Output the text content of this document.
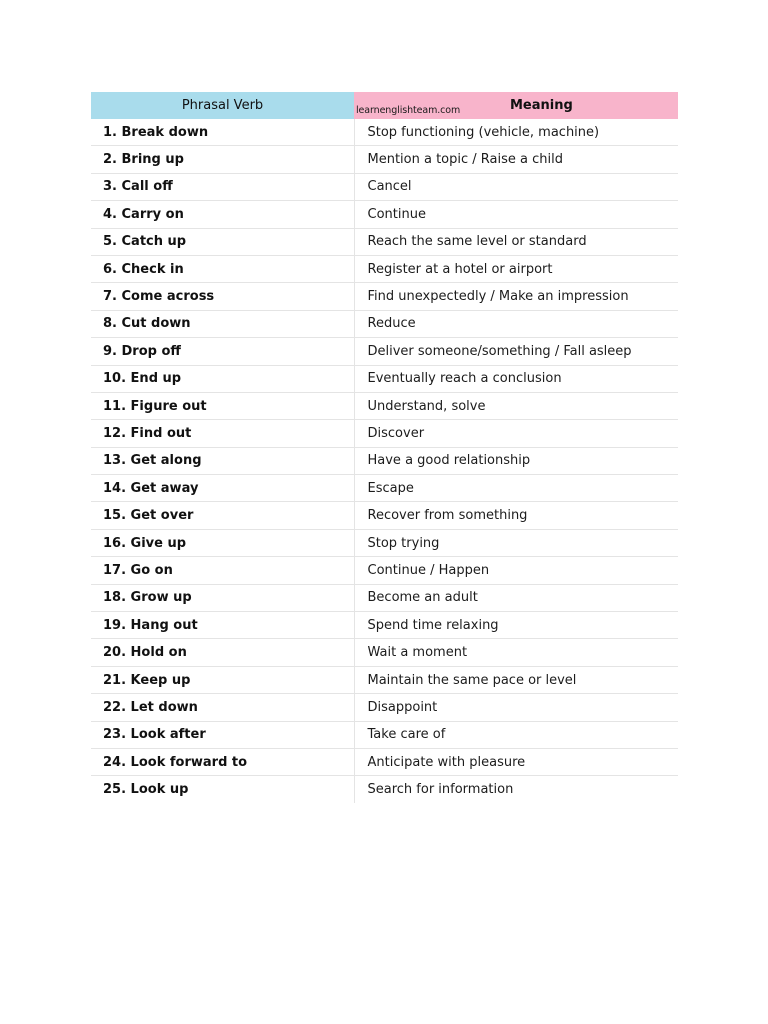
Phrasal Verb	learnenglishteam.com Meaning
1. Break down	Stop functioning (vehicle, machine)
2. Bring up	Mention a topic / Raise a child
3. Call off	Cancel
4. Carry on	Continue
5. Catch up	Reach the same level or standard
6. Check in	Register at a hotel or airport
7. Come across	Find unexpectedly / Make an impression
8. Cut down	Reduce
9. Drop off	Deliver someone/something / Fall asleep
10. End up	Eventually reach a conclusion
11. Figure out	Understand, solve
12. Find out	Discover
13. Get along	Have a good relationship
14. Get away	Escape
15. Get over	Recover from something
16. Give up	Stop trying
17. Go on	Continue / Happen
18. Grow up	Become an adult
19. Hang out	Spend time relaxing
20. Hold on	Wait a moment
21. Keep up	Maintain the same pace or level
22. Let down	Disappoint
23. Look after	Take care of
24. Look forward to	Anticipate with pleasure
25. Look up	Search for information
